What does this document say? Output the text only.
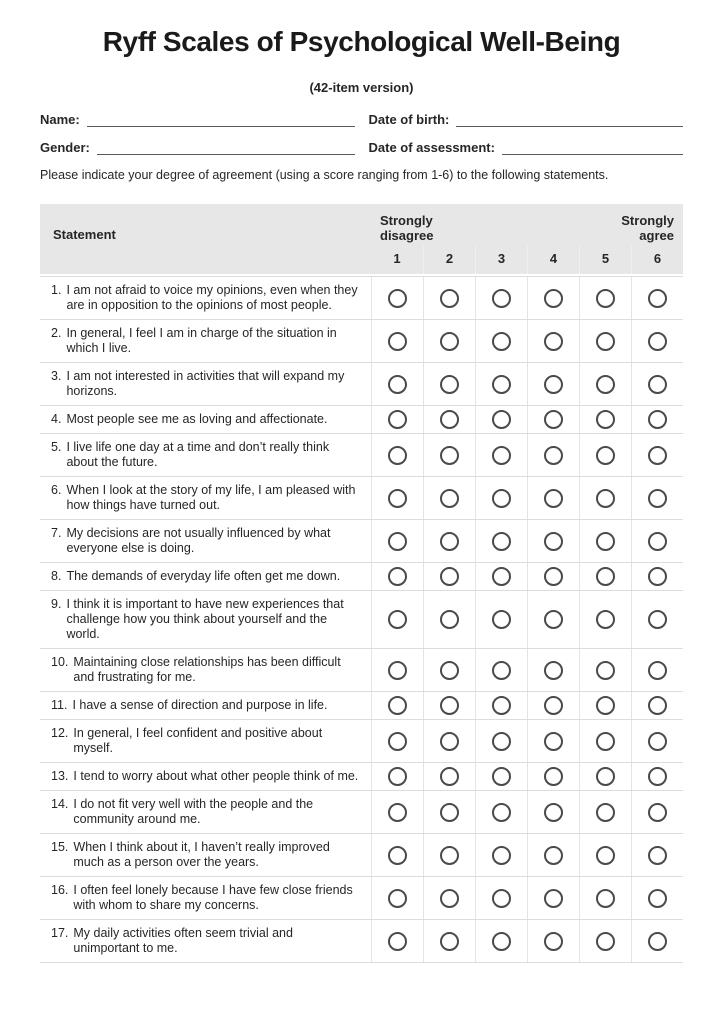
Ryff Scales of Psychological Well-Being
(42-item version)
Name:	Date of birth:
Gender:	Date of assessment:

Please indicate your degree of agreement (using a score ranging from 1-6) to the following statements.

Statement
Strongly disagree
Strongly agree
1	2	3	4	5	6
1. I am not afraid to voice my opinions, even when they are in opposition to the opinions of most people.
2. In general, I feel I am in charge of the situation in which I live.
3. I am not interested in activities that will expand my horizons.
4. Most people see me as loving and affectionate.
5. I live life one day at a time and don’t really think about the future.
6. When I look at the story of my life, I am pleased with how things have turned out.
7. My decisions are not usually influenced by what everyone else is doing.
8. The demands of everyday life often get me down.
9. I think it is important to have new experiences that challenge how you think about yourself and the world.
10. Maintaining close relationships has been difficult and frustrating for me.
11. I have a sense of direction and purpose in life.
12. In general, I feel confident and positive about myself.
13. I tend to worry about what other people think of me.
14. I do not fit very well with the people and the community around me.
15. When I think about it, I haven’t really improved much as a person over the years.
16. I often feel lonely because I have few close friends with whom to share my concerns.
17. My daily activities often seem trivial and unimportant to me.
